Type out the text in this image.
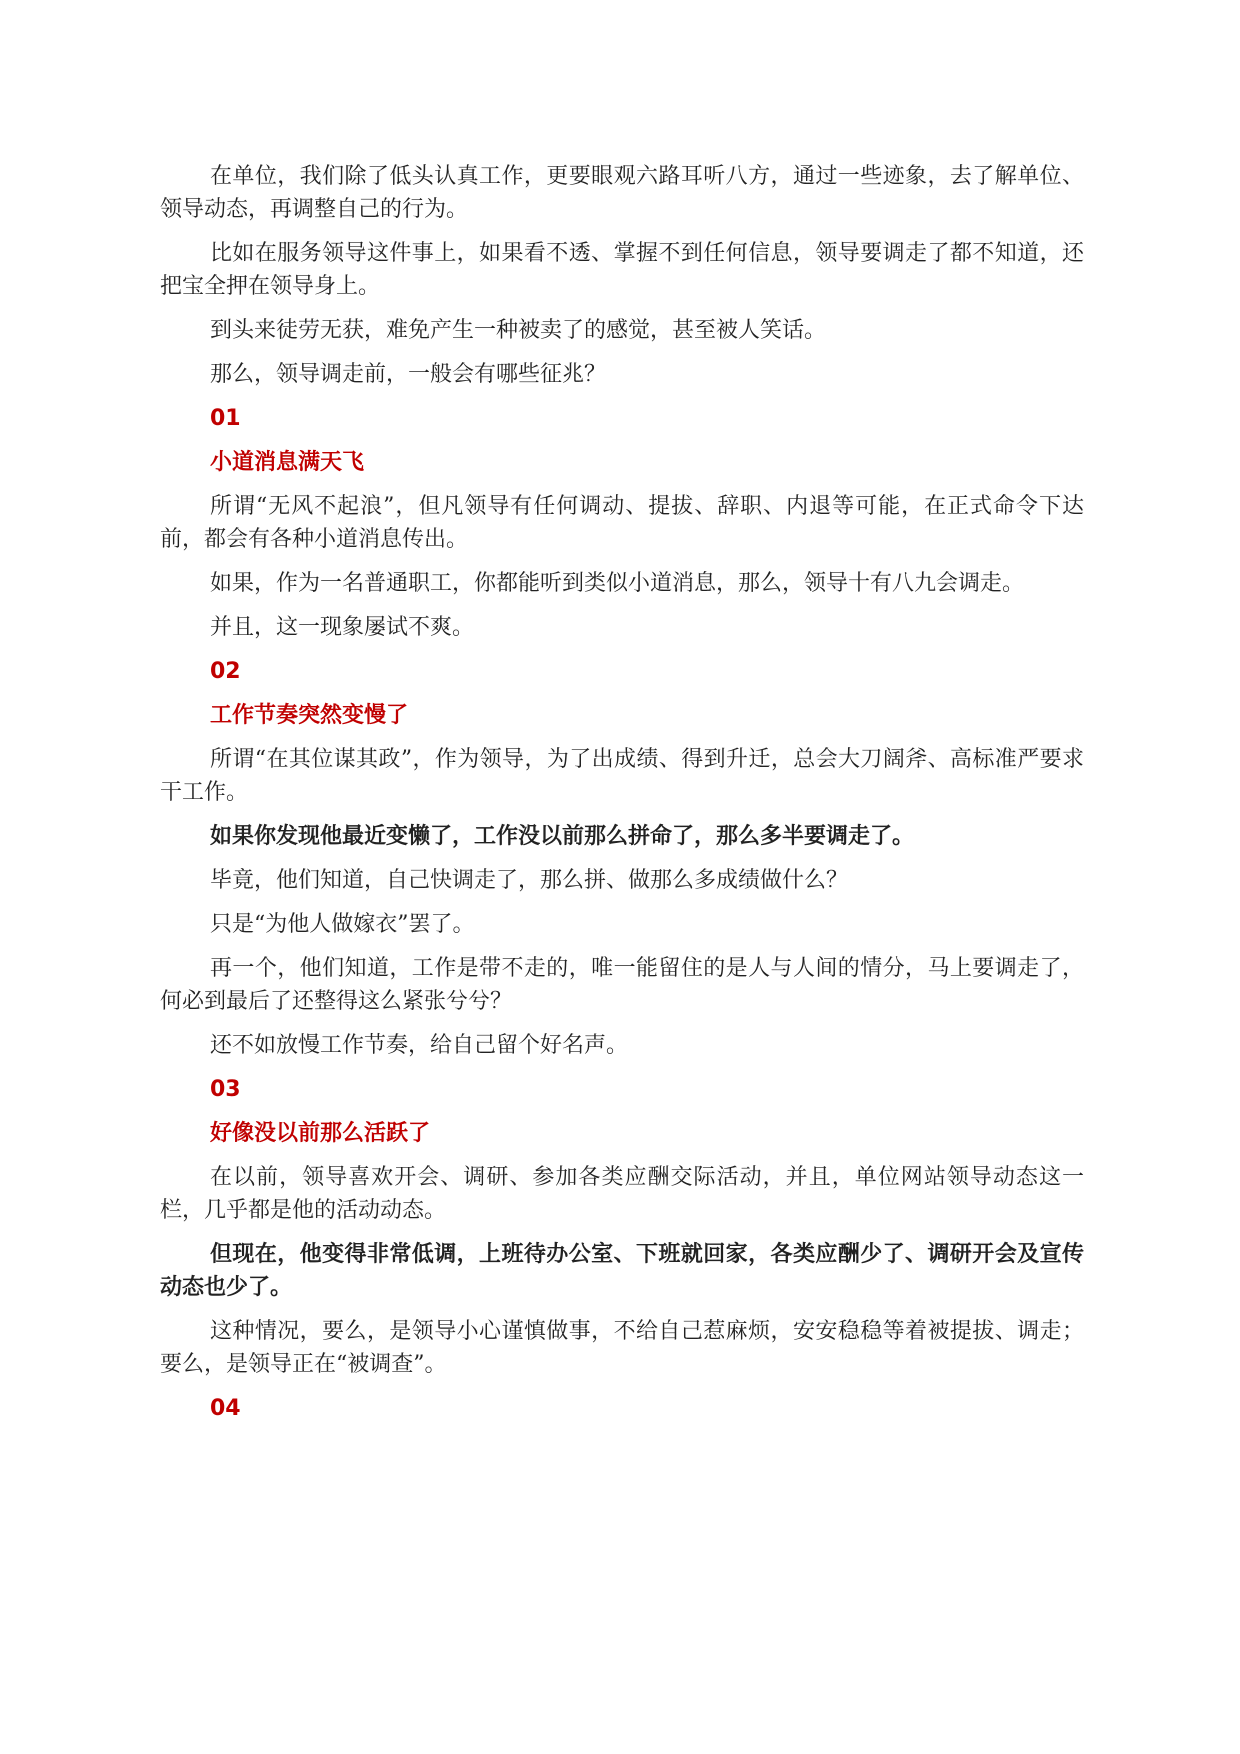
在单位，我们除了低头认真工作，更要眼观六路耳听八方，通过一些迹象，去了解单位、领导动态，再调整自己的行为。

比如在服务领导这件事上，如果看不透、掌握不到任何信息，领导要调走了都不知道，还把宝全押在领导身上。

到头来徒劳无获，难免产生一种被卖了的感觉，甚至被人笑话。

那么，领导调走前，一般会有哪些征兆？

01

小道消息满天飞

所谓“无风不起浪”，但凡领导有任何调动、提拔、辞职、内退等可能，在正式命令下达前，都会有各种小道消息传出。

如果，作为一名普通职工，你都能听到类似小道消息，那么，领导十有八九会调走。

并且，这一现象屡试不爽。

02

工作节奏突然变慢了

所谓“在其位谋其政”，作为领导，为了出成绩、得到升迁，总会大刀阔斧、高标准严要求干工作。

如果你发现他最近变懒了，工作没以前那么拼命了，那么多半要调走了。

毕竟，他们知道，自己快调走了，那么拼、做那么多成绩做什么？

只是“为他人做嫁衣”罢了。

再一个，他们知道，工作是带不走的，唯一能留住的是人与人间的情分，马上要调走了，何必到最后了还整得这么紧张兮兮？

还不如放慢工作节奏，给自己留个好名声。

03

好像没以前那么活跃了

在以前，领导喜欢开会、调研、参加各类应酬交际活动，并且，单位网站领导动态这一栏，几乎都是他的活动动态。

但现在，他变得非常低调，上班待办公室、下班就回家，各类应酬少了、调研开会及宣传动态也少了。

这种情况，要么，是领导小心谨慎做事，不给自己惹麻烦，安安稳稳等着被提拔、调走；要么，是领导正在“被调查”。

04
